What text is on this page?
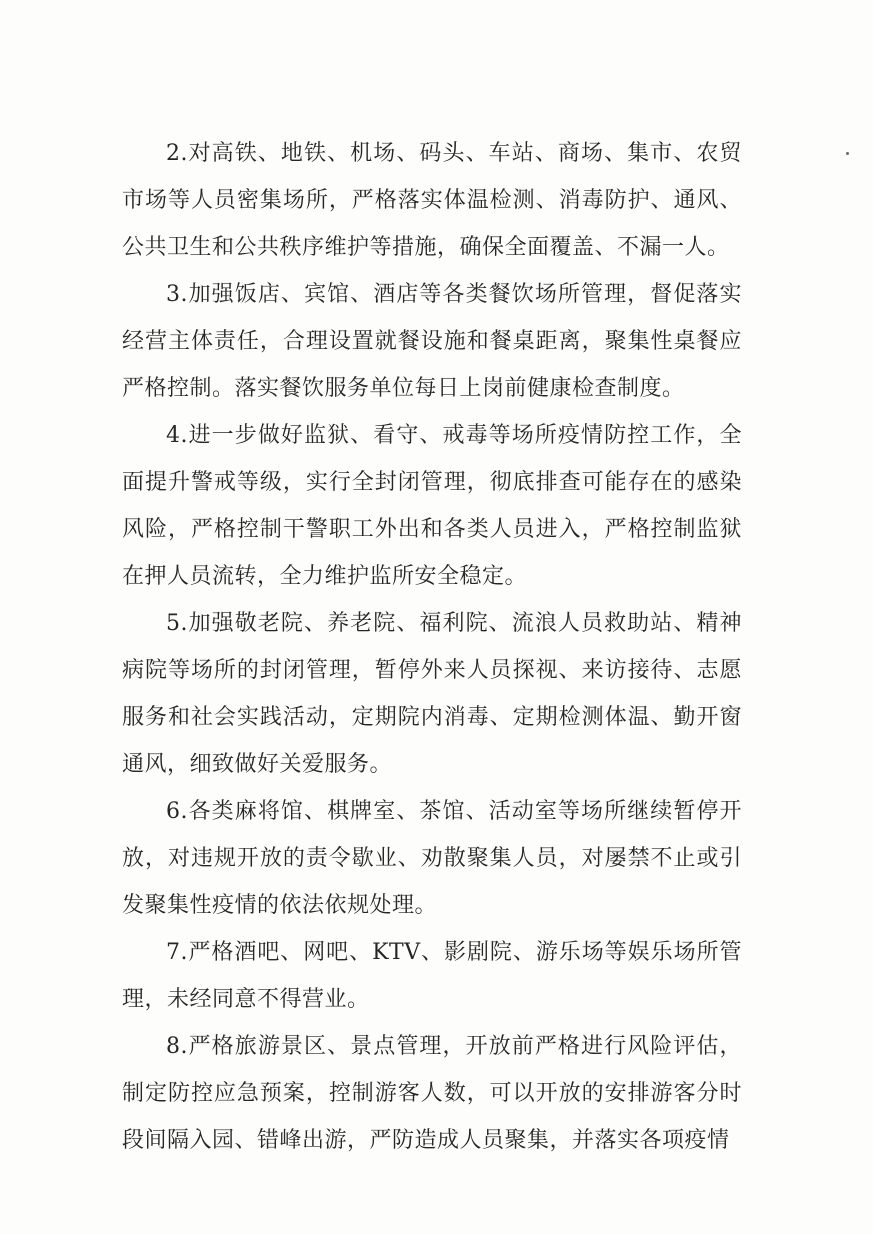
2.对高铁、地铁、机场、码头、车站、商场、集市、农贸市场等人员密集场所，严格落实体温检测、消毒防护、通风、公共卫生和公共秩序维护等措施，确保全面覆盖、不漏一人。

3.加强饭店、宾馆、酒店等各类餐饮场所管理，督促落实经营主体责任，合理设置就餐设施和餐桌距离，聚集性桌餐应严格控制。落实餐饮服务单位每日上岗前健康检查制度。

4.进一步做好监狱、看守、戒毒等场所疫情防控工作，全面提升警戒等级，实行全封闭管理，彻底排查可能存在的感染风险，严格控制干警职工外出和各类人员进入，严格控制监狱在押人员流转，全力维护监所安全稳定。

5.加强敬老院、养老院、福利院、流浪人员救助站、精神病院等场所的封闭管理，暂停外来人员探视、来访接待、志愿服务和社会实践活动，定期院内消毒、定期检测体温、勤开窗通风，细致做好关爱服务。

6.各类麻将馆、棋牌室、茶馆、活动室等场所继续暂停开放，对违规开放的责令歇业、劝散聚集人员，对屡禁不止或引发聚集性疫情的依法依规处理。

7.严格酒吧、网吧、KTV、影剧院、游乐场等娱乐场所管理，未经同意不得营业。

8.严格旅游景区、景点管理，开放前严格进行风险评估，制定防控应急预案，控制游客人数，可以开放的安排游客分时段间隔入园、错峰出游，严防造成人员聚集，并落实各项疫情
